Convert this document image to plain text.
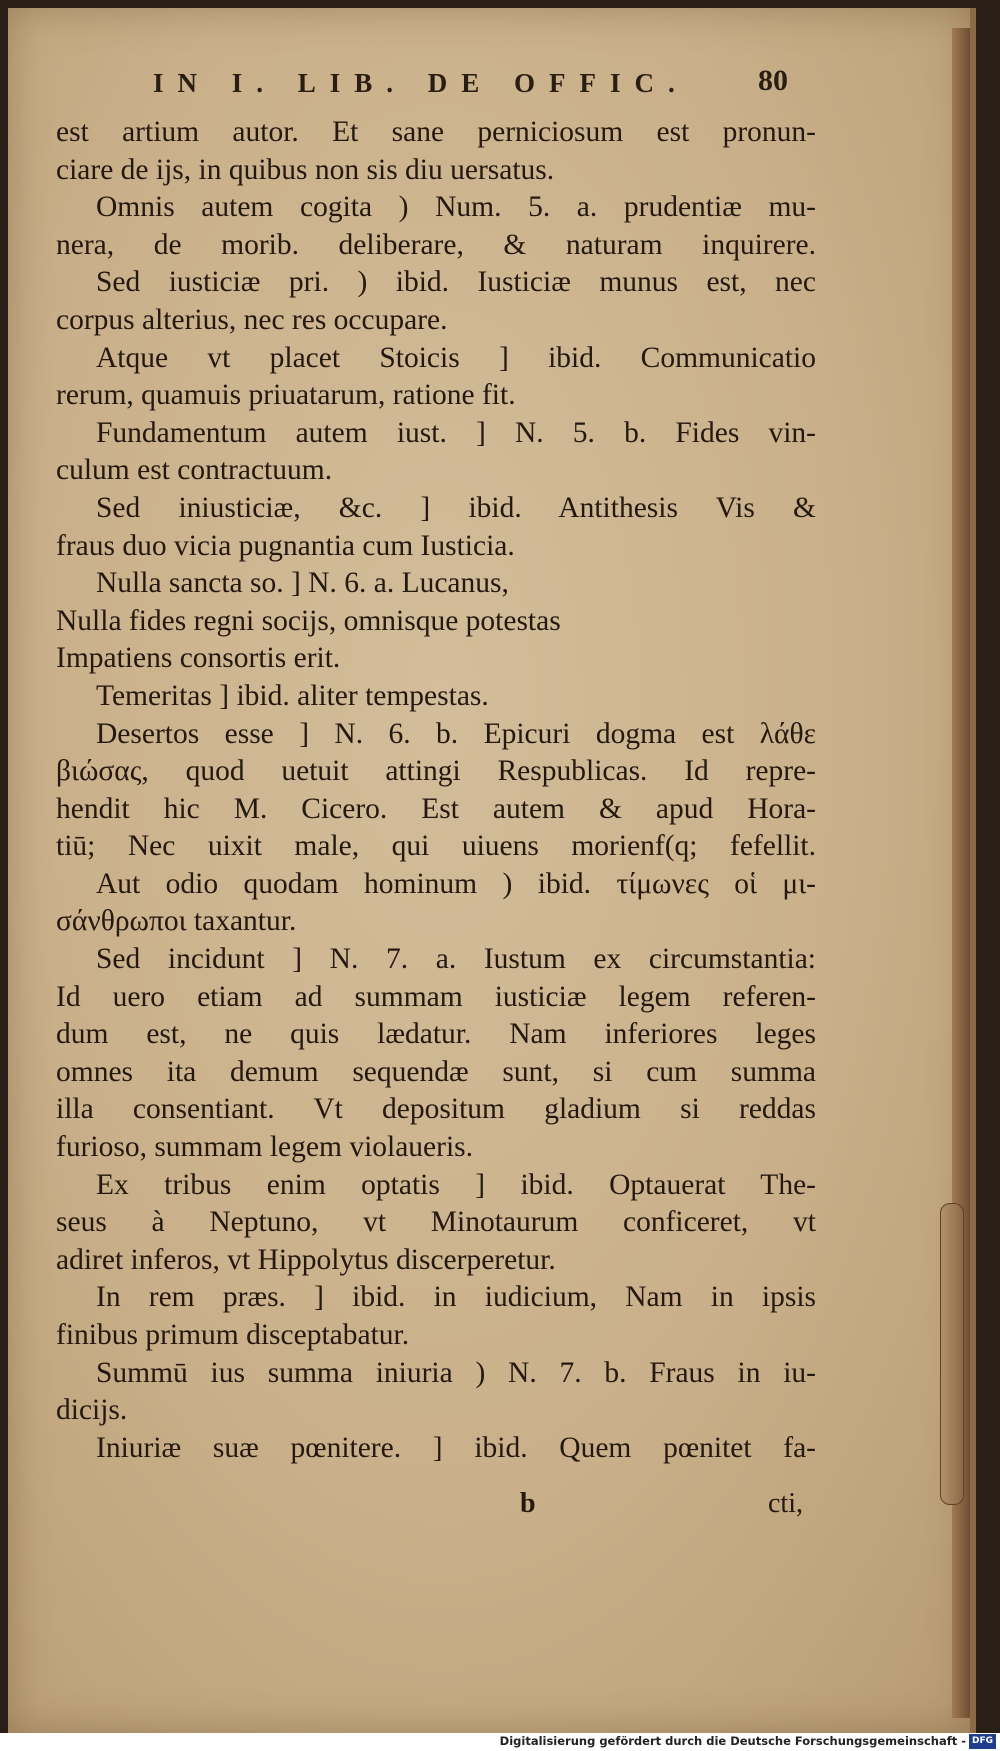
IN I. LIB. DE OFFIC.	80
est artium autor. Et sane perniciosum est pronun-
ciare de ijs, in quibus non sis diu uersatus.
Omnis autem cogita ) Num. 5. a. prudentiæ mu-
nera, de morib. deliberare, & naturam inquirere.
Sed iusticiæ pri. ) ibid. Iusticiæ munus est, nec
corpus alterius, nec res occupare.
Atque vt placet Stoicis ] ibid. Communicatio
rerum, quamuis priuatarum, ratione fit.
Fundamentum autem iust. ] N. 5. b. Fides vin-
culum est contractuum.
Sed iniusticiæ, &c. ] ibid. Antithesis Vis &
fraus duo vicia pugnantia cum Iusticia.
Nulla sancta so. ] N. 6. a. Lucanus,
Nulla fides regni socijs, omnisque potestas
Impatiens consortis erit.
Temeritas ] ibid. aliter tempestas.
Desertos esse ] N. 6. b. Epicuri dogma est λάθε
βιώσας, quod uetuit attingi Respublicas. Id repre-
hendit hic M. Cicero. Est autem & apud Hora-
tiū; Nec uixit male, qui uiuens morienf(q; fefellit.
Aut odio quodam hominum ) ibid. τίμωνες οἱ μι-
σάνθρωποι taxantur.
Sed incidunt ] N. 7. a. Iustum ex circumstantia:
Id uero etiam ad summam iusticiæ legem referen-
dum est, ne quis lædatur. Nam inferiores leges
omnes ita demum sequendæ sunt, si cum summa
illa consentiant. Vt depositum gladium si reddas
furioso, summam legem violaueris.
Ex tribus enim optatis ] ibid. Optauerat The-
seus à Neptuno, vt Minotaurum conficeret, vt
adiret inferos, vt Hippolytus discerperetur.
In rem præs. ] ibid. in iudicium, Nam in ipsis
finibus primum disceptabatur.
Summū ius summa iniuria ) N. 7. b. Fraus in iu-
dicijs.
Iniuriæ suæ pœnitere. ] ibid. Quem pœnitet fa-
b	cti,
Digitalisierung gefördert durch die Deutsche Forschungsgemeinschaft - DFG
